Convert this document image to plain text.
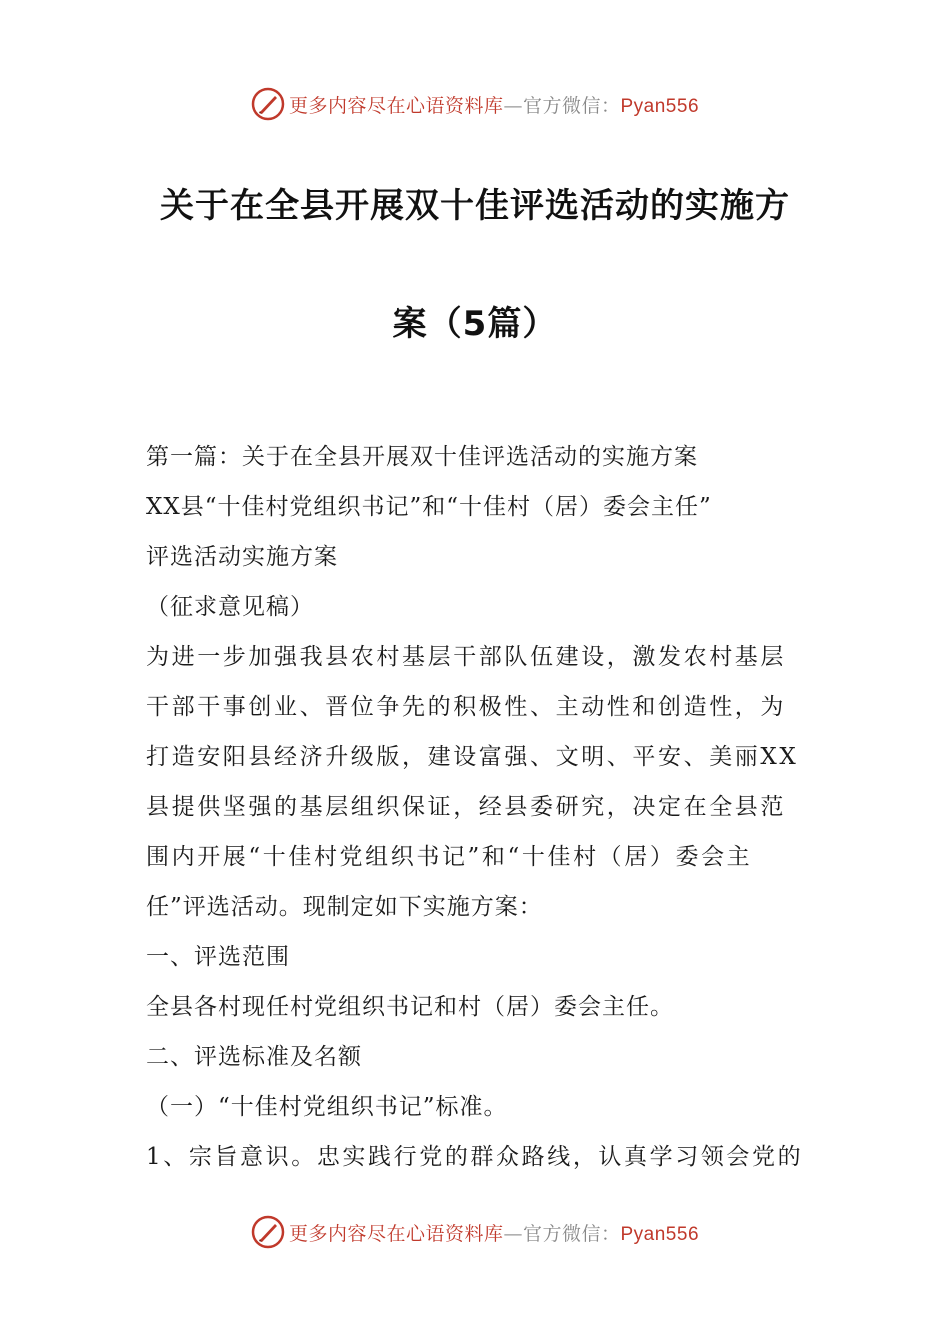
更多内容尽在心语资料库—官方微信：Pyan556
关于在全县开展双十佳评选活动的实施方
案（5篇）
第一篇：关于在全县开展双十佳评选活动的实施方案
XX县“十佳村党组织书记”和“十佳村（居）委会主任”
评选活动实施方案
（征求意见稿）
为进一步加强我县农村基层干部队伍建设，激发农村基层
干部干事创业、晋位争先的积极性、主动性和创造性，为
打造安阳县经济升级版，建设富强、文明、平安、美丽XX
县提供坚强的基层组织保证，经县委研究，决定在全县范
围内开展“十佳村党组织书记”和“十佳村（居）委会主
任”评选活动。现制定如下实施方案：
一、评选范围
全县各村现任村党组织书记和村（居）委会主任。
二、评选标准及名额
（一）“十佳村党组织书记”标准。
1、宗旨意识。忠实践行党的群众路线，认真学习领会党的
更多内容尽在心语资料库—官方微信：Pyan556
